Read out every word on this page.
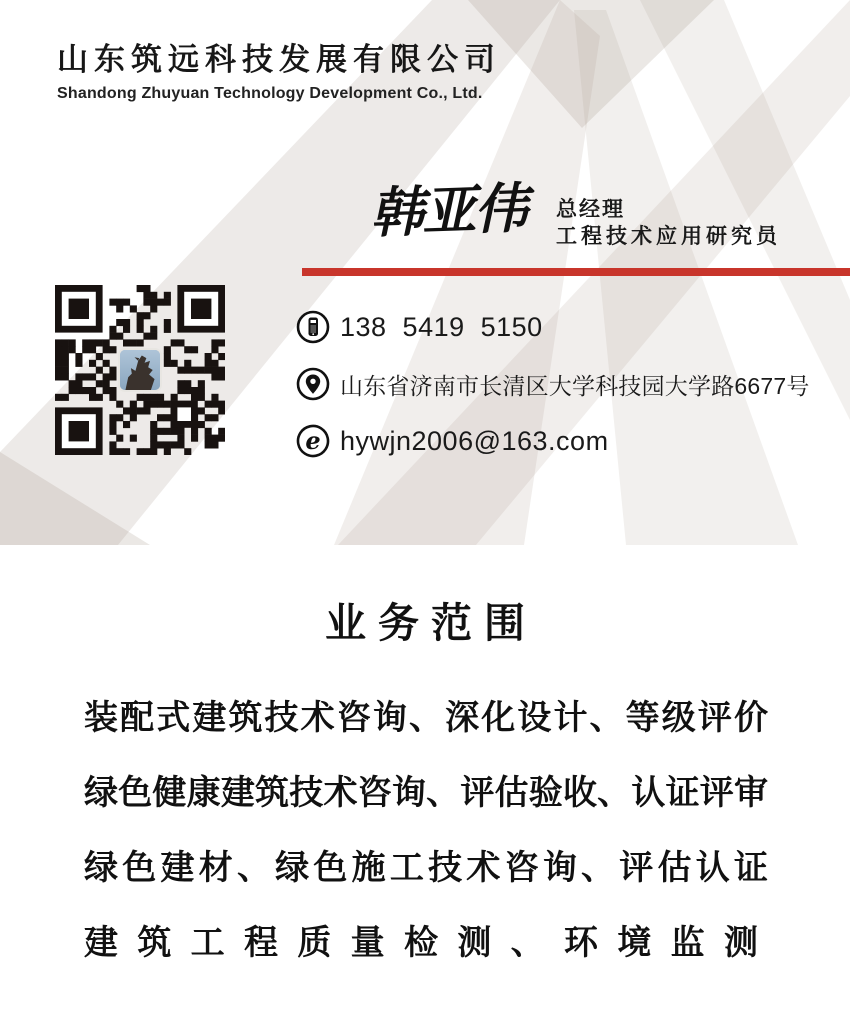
山东筑远科技发展有限公司
Shandong Zhuyuan Technology Development Co., Ltd.
韩亚伟	总经理
工程技术应用研究员
138  5419  5150
山东省济南市长清区大学科技园大学路6677号
e hywjn2006@163.com
业务范围
装配式建筑技术咨询、深化设计、等级评价
绿色健康建筑技术咨询、评估验收、认证评审
绿色建材、绿色施工技术咨询、评估认证
建筑工程质量检测、环境监测
